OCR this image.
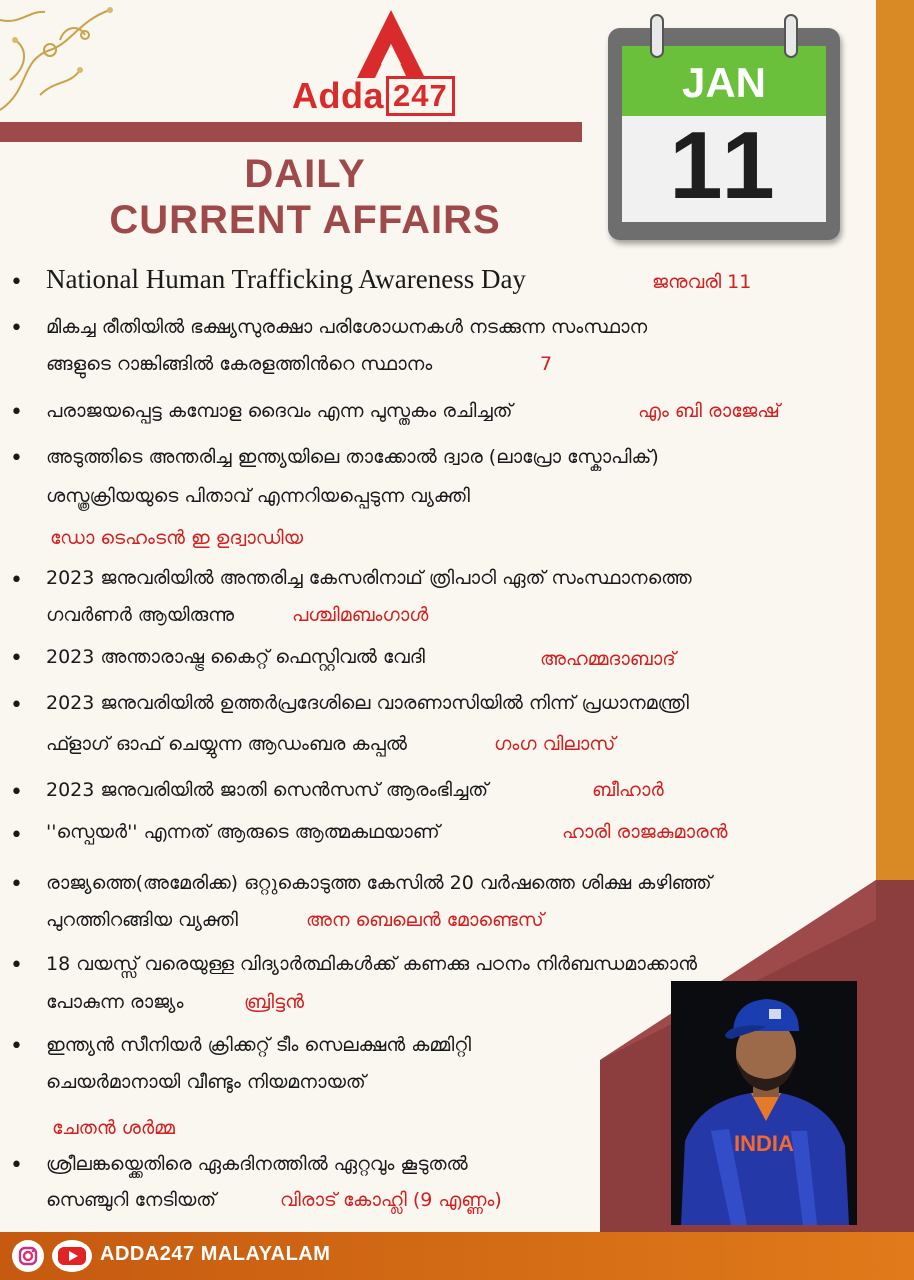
Adda 247
DAILY
CURRENT AFFAIRS
JAN
11
• National Human Trafficking Awareness Day	ജനുവരി 11
• മികച്ച രീതിയിൽ ഭക്ഷ്യസുരക്ഷാ പരിശോധനകൾ നടക്കുന്ന സംസ്ഥാന
ങ്ങളുടെ റാങ്കിങ്ങിൽ കേരളത്തിൻറെ സ്ഥാനം	7
• പരാജയപ്പെട്ട കമ്പോള ദൈവം എന്ന പുസ്തകം രചിച്ചത്	എം ബി രാജേഷ്
• അടുത്തിടെ അന്തരിച്ച ഇന്ത്യയിലെ താക്കോൽ ദ്വാര (ലാപ്രോ സ്കോപിക്)
ശസ്ത്രക്രിയയുടെ പിതാവ് എന്നറിയപ്പെടുന്ന വ്യക്തി
ഡോ ടെഹംടൻ ഇ ഉദ്വാഡിയ
• 2023 ജനുവരിയിൽ അന്തരിച്ച കേസരിനാഥ് ത്രിപാഠി ഏത് സംസ്ഥാനത്തെ
ഗവർണർ ആയിരുന്നു	പശ്ചിമബംഗാൾ
• 2023 അന്താരാഷ്ട്ര കൈറ്റ് ഫെസ്റ്റിവൽ വേദി	അഹമ്മദാബാദ്
• 2023 ജനുവരിയിൽ ഉത്തർപ്രദേശിലെ വാരണാസിയിൽ നിന്ന് പ്രധാനമന്ത്രി
ഫ്ളാഗ് ഓഫ് ചെയ്യുന്ന ആഡംബര കപ്പൽ	ഗംഗ വിലാസ്
• 2023 ജനുവരിയിൽ ജാതി സെൻസസ് ആരംഭിച്ചത്	ബീഹാർ
• ''സ്പെയർ'' എന്നത് ആരുടെ ആത്മകഥയാണ്	ഹാരി രാജകുമാരൻ
• രാജ്യത്തെ(അമേരിക്ക) ഒറ്റുകൊടുത്ത കേസിൽ 20 വർഷത്തെ ശിക്ഷ കഴിഞ്ഞ്
പുറത്തിറങ്ങിയ വ്യക്തി	അന ബെലെൻ മോണ്ടെസ്
• 18 വയസ്സ് വരെയുള്ള വിദ്യാർത്ഥികൾക്ക് കണക്കു പഠനം നിർബന്ധമാക്കാൻ
പോകുന്ന രാജ്യം	ബ്രിട്ടൻ
• ഇന്ത്യൻ സീനിയർ ക്രിക്കറ്റ് ടീം സെലക്ഷൻ കമ്മിറ്റി
ചെയർമാനായി വീണ്ടും നിയമനായത്
ചേതൻ ശർമ്മ
• ശ്രീലങ്കയ്ക്കെതിരെ ഏകദിനത്തിൽ ഏറ്റവും കൂടുതൽ
സെഞ്ചുറി നേടിയത്	വിരാട് കോഹ്ലി (9 എണ്ണം)
INDIA
ADDA247 MALAYALAM
